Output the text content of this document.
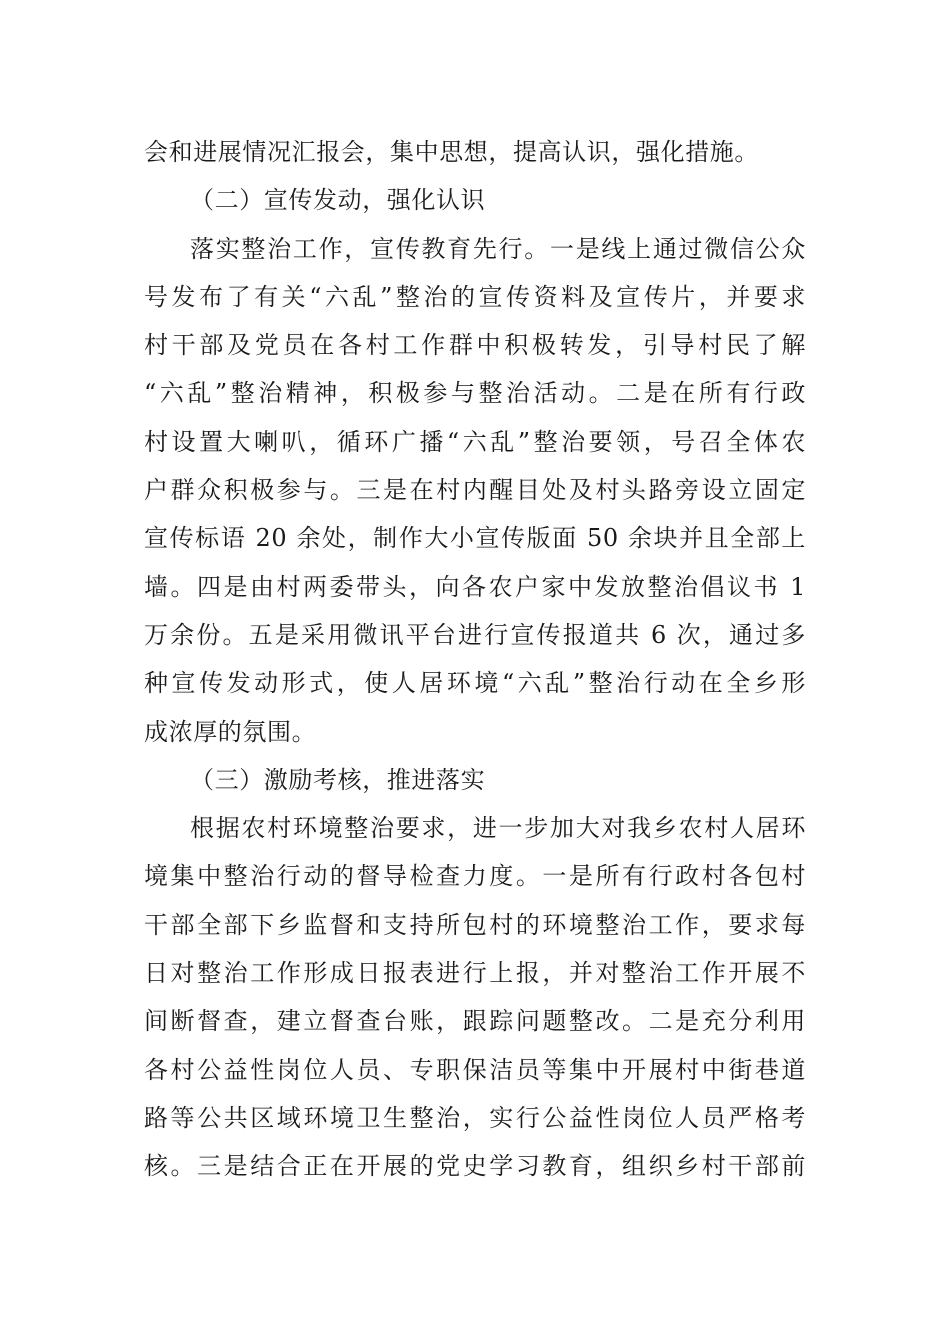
会和进展情况汇报会，集中思想，提高认识，强化措施。
（二）宣传发动，强化认识
落实整治工作，宣传教育先行。一是线上通过微信公众
号发布了有关“六乱”整治的宣传资料及宣传片，并要求
村干部及党员在各村工作群中积极转发，引导村民了解
“六乱”整治精神，积极参与整治活动。二是在所有行政
村设置大喇叭，循环广播“六乱”整治要领，号召全体农
户群众积极参与。三是在村内醒目处及村头路旁设立固定
宣传标语 20 余处，制作大小宣传版面 50 余块并且全部上
墙。四是由村两委带头，向各农户家中发放整治倡议书 1
万余份。五是采用微讯平台进行宣传报道共 6 次，通过多
种宣传发动形式，使人居环境“六乱”整治行动在全乡形
成浓厚的氛围。
（三）激励考核，推进落实
根据农村环境整治要求，进一步加大对我乡农村人居环
境集中整治行动的督导检查力度。一是所有行政村各包村
干部全部下乡监督和支持所包村的环境整治工作，要求每
日对整治工作形成日报表进行上报，并对整治工作开展不
间断督查，建立督查台账，跟踪问题整改。二是充分利用
各村公益性岗位人员、专职保洁员等集中开展村中街巷道
路等公共区域环境卫生整治，实行公益性岗位人员严格考
核。三是结合正在开展的党史学习教育，组织乡村干部前
